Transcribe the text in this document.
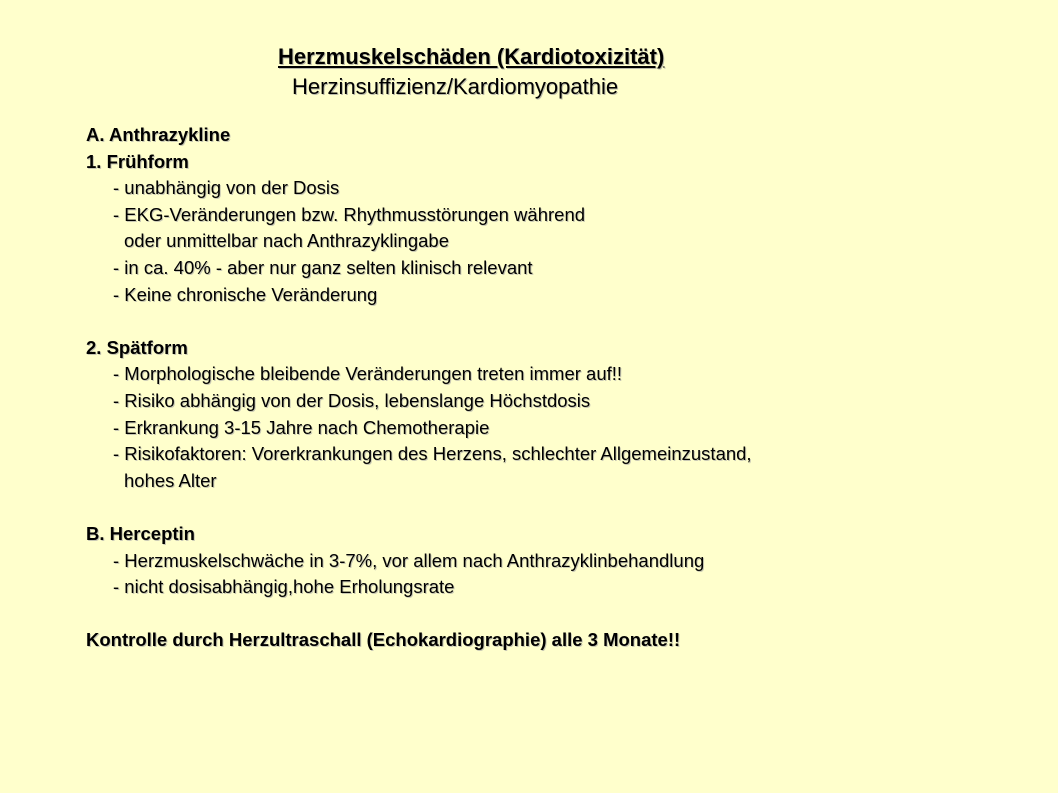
Herzmuskelschäden (Kardiotoxizität)
Herzinsuffizienz/Kardiomyopathie
A. Anthrazykline
1. Frühform
- unabhängig von der Dosis
- EKG-Veränderungen bzw. Rhythmusstörungen während
oder unmittelbar nach Anthrazyklingabe
- in ca. 40% - aber nur ganz selten klinisch relevant
- Keine chronische Veränderung
2. Spätform
- Morphologische bleibende Veränderungen treten immer auf!!
- Risiko abhängig von der Dosis, lebenslange Höchstdosis
- Erkrankung 3-15 Jahre nach Chemotherapie
- Risikofaktoren: Vorerkrankungen des Herzens, schlechter Allgemeinzustand,
hohes Alter
B. Herceptin
- Herzmuskelschwäche in 3-7%, vor allem nach Anthrazyklinbehandlung
- nicht dosisabhängig,hohe Erholungsrate
Kontrolle durch Herzultraschall (Echokardiographie) alle 3 Monate!!
